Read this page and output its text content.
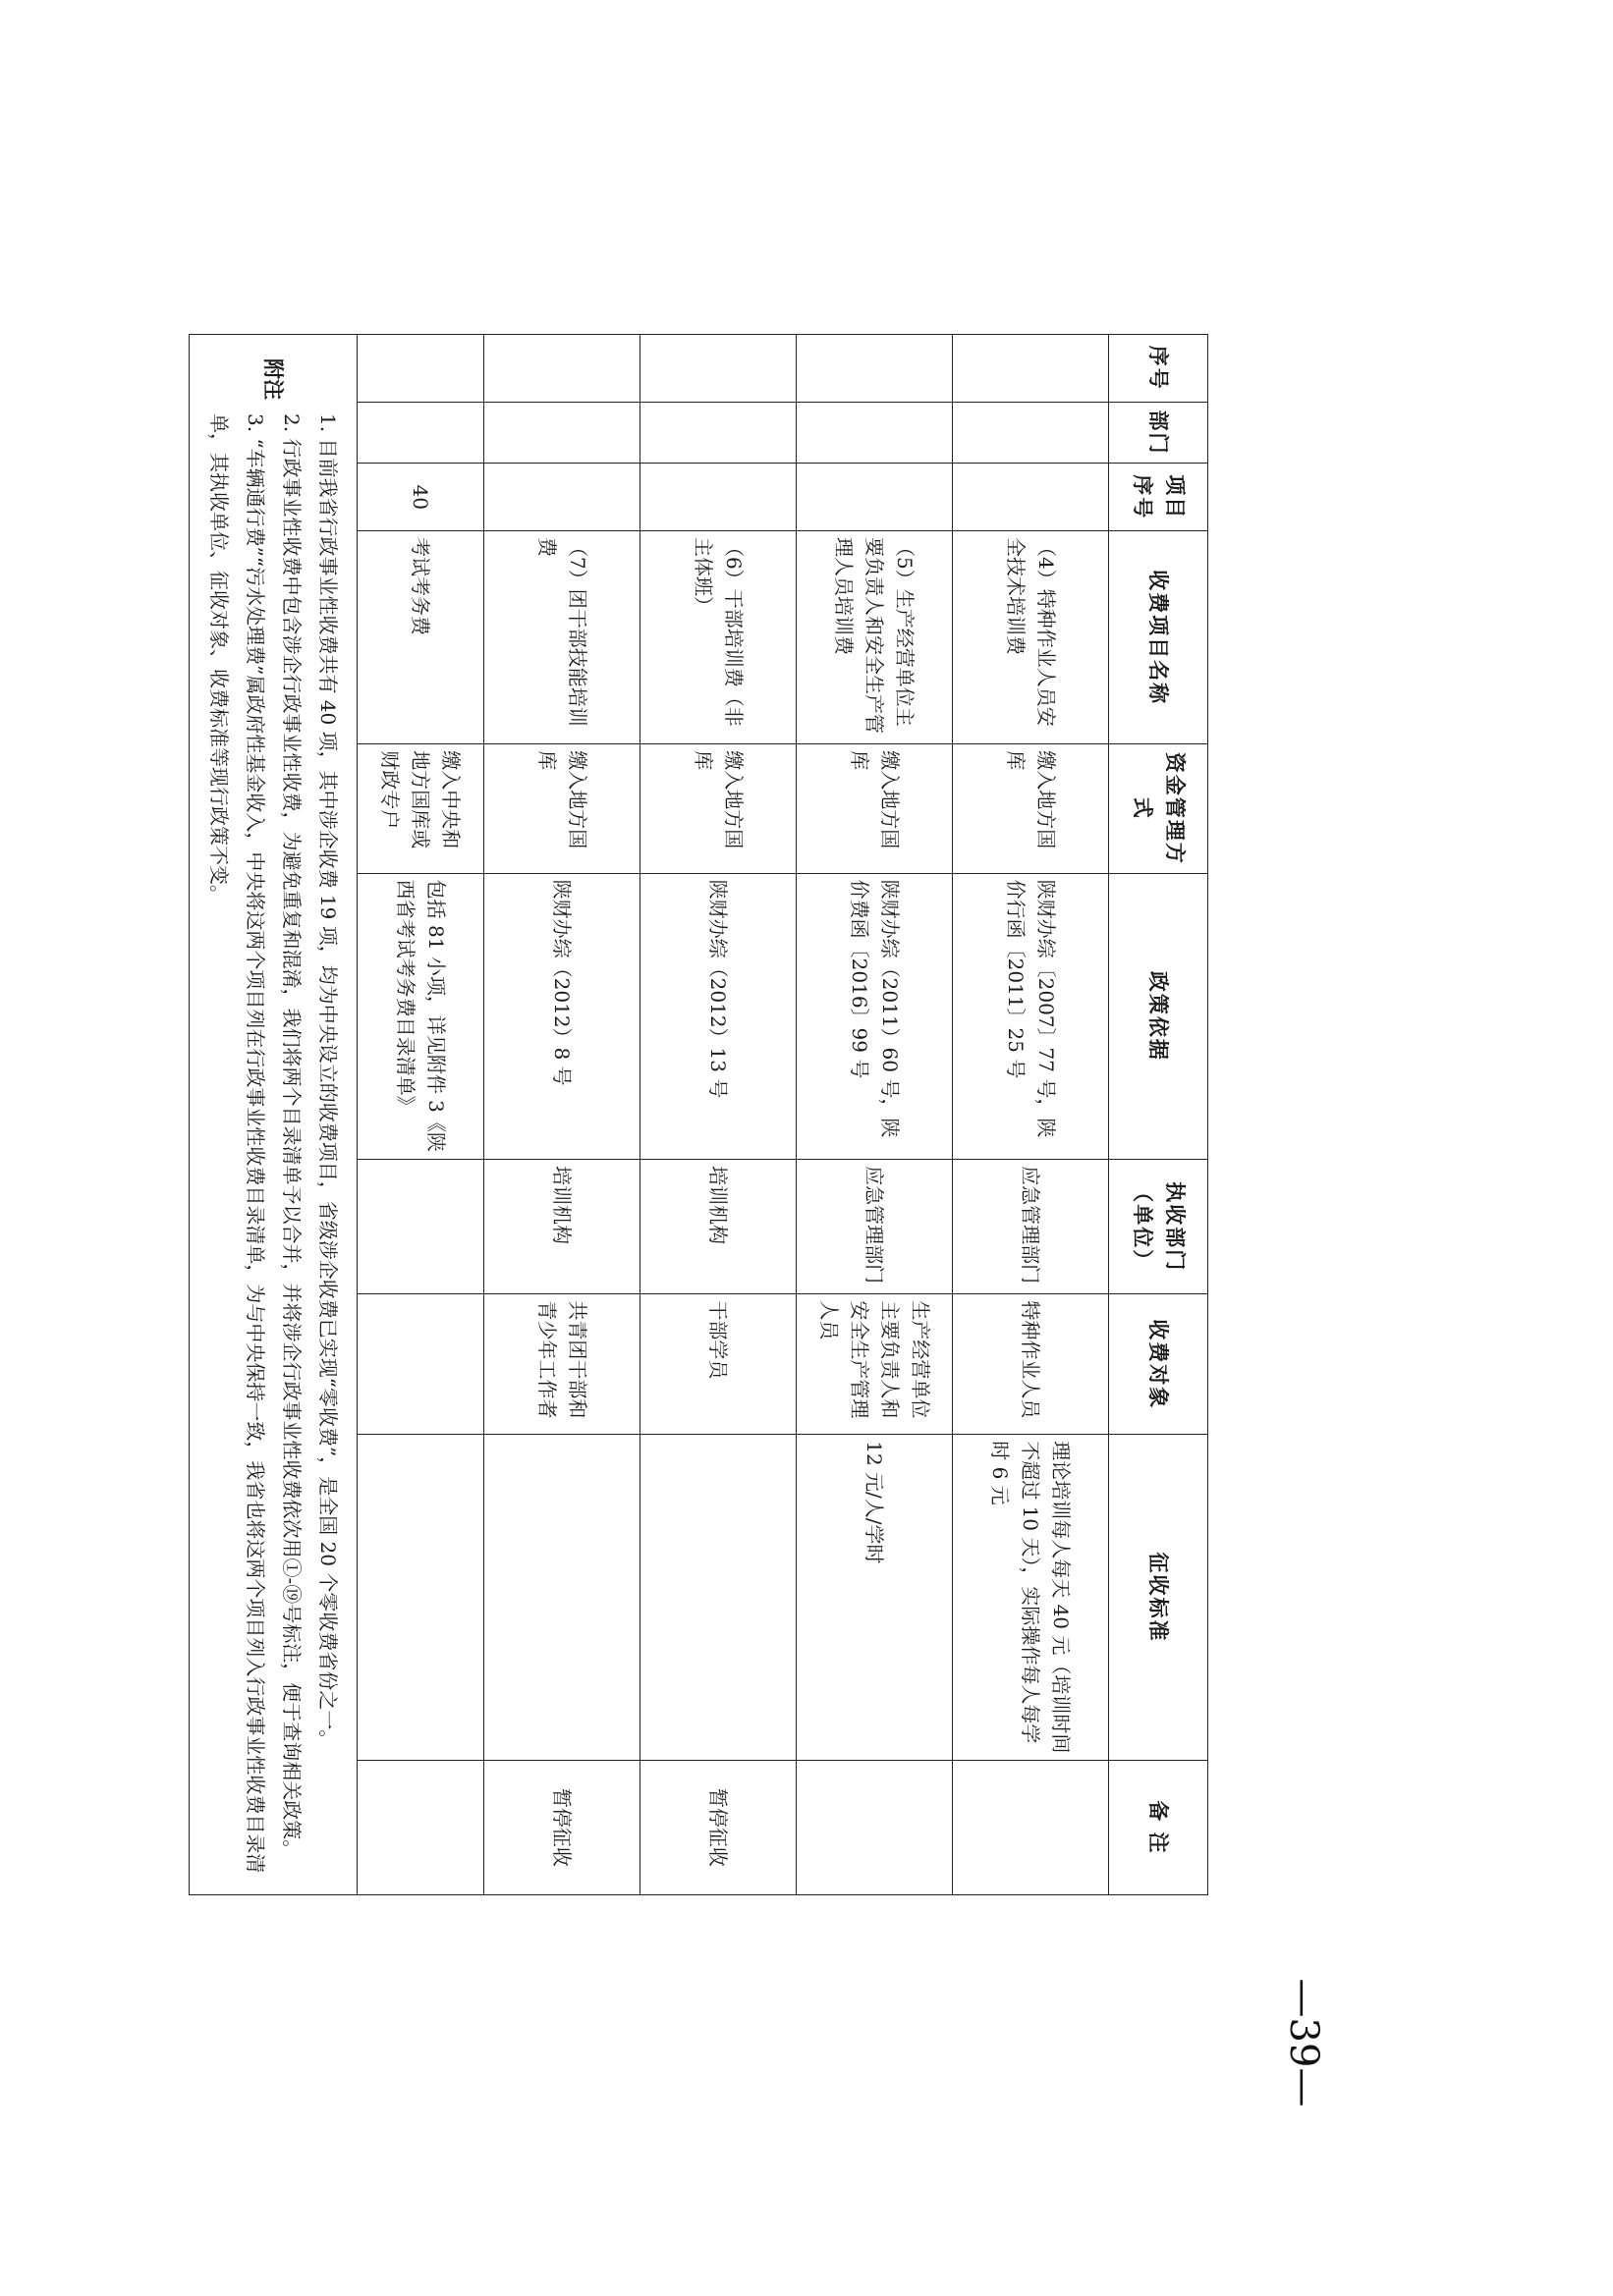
序号	部门	项目序号	收费项目名称	资金管理方式	政策依据	执收部门（单位）	收费对象	征收标准	备 注
			（4）特种作业人员安全技术培训费	缴入地方国库	陕财办综〔2007〕77 号，陕价行函〔2011〕25 号	应急管理部门	特种作业人员	理论培训每人每天 40 元（培训时间不超过 10 天），实际操作每人每学时 6 元	
			（5）生产经营单位主要负责人和安全生产管理人员培训费	缴入地方国库	陕财办综（2011）60 号，陕价费函〔2016〕99 号	应急管理部门	生产经营单位主要负责人和安全生产管理人员	12 元/人/学时	
			（6）干部培训费（非主体班）	缴入地方国库	陕财办综（2012）13 号	培训机构	干部学员		暂停征收
			（7）团干部技能培训费	缴入地方国库	陕财办综（2012）8 号	培训机构	共青团干部和青少年工作者		暂停征收
		40	考试考务费	缴入中央和地方国库或财政专户	包括 81 小项，详见附件 3《陕西省考试考务费目录清单》				

附注

1. 目前我省行政事业性收费共有 40 项，其中涉企收费 19 项，均为中央设立的收费项目，省级涉企收费已实现“零收费”，是全国 20 个零收费省份之一。

2. 行政事业性收费中包含涉企行政事业性收费，为避免重复和混淆，我们将两个目录清单予以合并，并将涉企行政事业性收费依次用①-⑲号标注，便于查询相关政策。

3. “车辆通行费”“污水处理费”属政府性基金收入，中央将这两个项目列在行政事业性收费目录清单，为与中央保持一致，我省也将这两个项目列入行政事业性收费目录清单，其执收单位、征收对象、收费标准等现行政策不变。									

—39—
